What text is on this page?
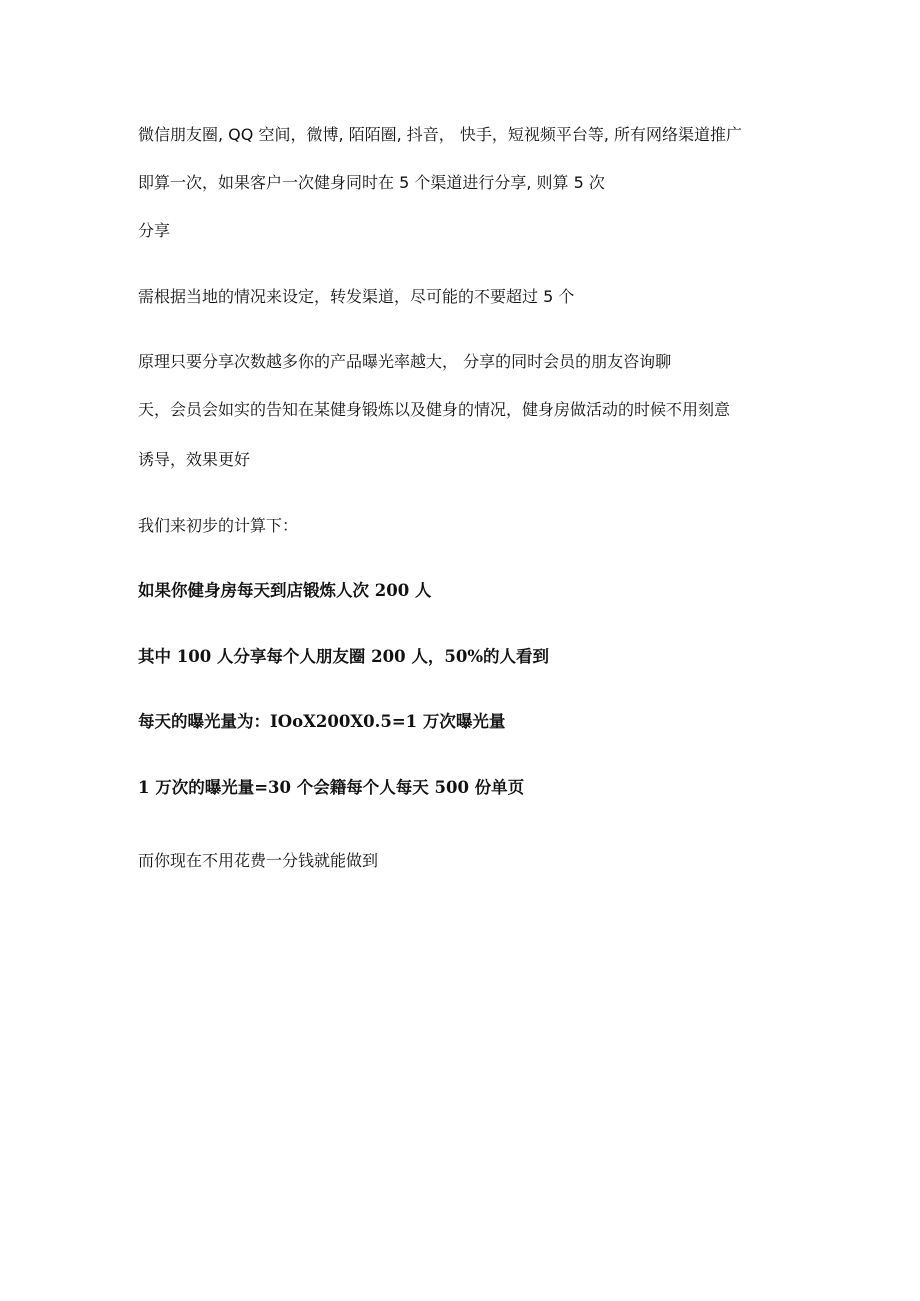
微信朋友圈, QQ 空间，微博, 陌陌圈, 抖音， 快手，短视频平台等, 所有网络渠道推广
即算一次，如果客户一次健身同时在 5 个渠道进行分享, 则算 5 次
分享
需根据当地的情况来设定，转发渠道，尽可能的不要超过 5 个
原理只要分享次数越多你的产品曝光率越大， 分享的同时会员的朋友咨询聊
天，会员会如实的告知在某健身锻炼以及健身的情况，健身房做活动的时候不用刻意
诱导，效果更好
我们来初步的计算下：
如果你健身房每天到店锻炼人次 200 人
其中 100 人分享每个人朋友圈 200 人，50%的人看到
每天的曝光量为：IOoX200X0.5=1 万次曝光量
1 万次的曝光量=30 个会籍每个人每天 500 份单页
而你现在不用花费一分钱就能做到
